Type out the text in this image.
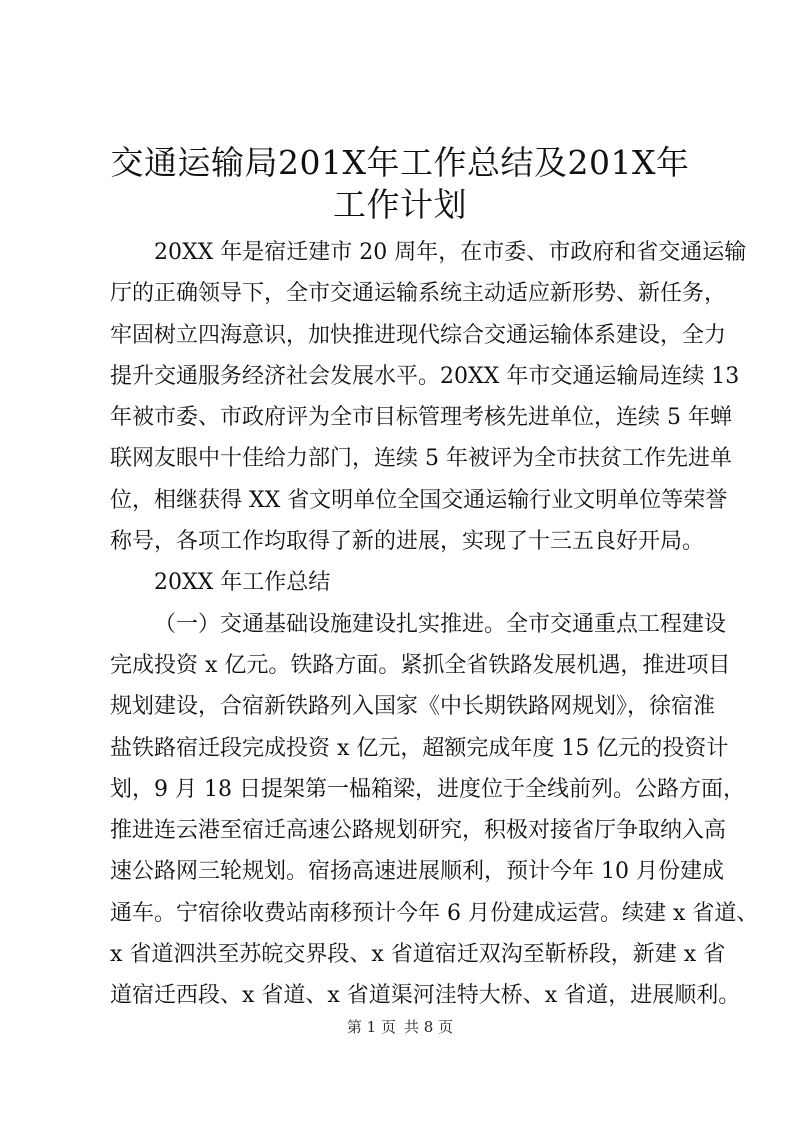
交通运输局201X年工作总结及201X年工作计划

20XX 年是宿迁建市 20 周年，在市委、市政府和省交通运输

厅的正确领导下，全市交通运输系统主动适应新形势、新任务，

牢固树立四海意识，加快推进现代综合交通运输体系建设，全力

提升交通服务经济社会发展水平。20XX 年市交通运输局连续 13

年被市委、市政府评为全市目标管理考核先进单位，连续 5 年蝉

联网友眼中十佳给力部门，连续 5 年被评为全市扶贫工作先进单

位，相继获得 XX 省文明单位全国交通运输行业文明单位等荣誉

称号，各项工作均取得了新的进展，实现了十三五良好开局。

20XX 年工作总结

（一）交通基础设施建设扎实推进。全市交通重点工程建设

完成投资 x 亿元。铁路方面。紧抓全省铁路发展机遇，推进项目

规划建设，合宿新铁路列入国家《中长期铁路网规划》，徐宿淮

盐铁路宿迁段完成投资 x 亿元，超额完成年度 15 亿元的投资计

划，9 月 18 日提架第一榀箱梁，进度位于全线前列。公路方面，

推进连云港至宿迁高速公路规划研究，积极对接省厅争取纳入高

速公路网三轮规划。宿扬高速进展顺利，预计今年 10 月份建成

通车。宁宿徐收费站南移预计今年 6 月份建成运营。续建 x 省道、

x 省道泗洪至苏皖交界段、x 省道宿迁双沟至靳桥段，新建 x 省

道宿迁西段、x 省道、x 省道渠河洼特大桥、x 省道，进展顺利。

第 1 页 共 8 页
